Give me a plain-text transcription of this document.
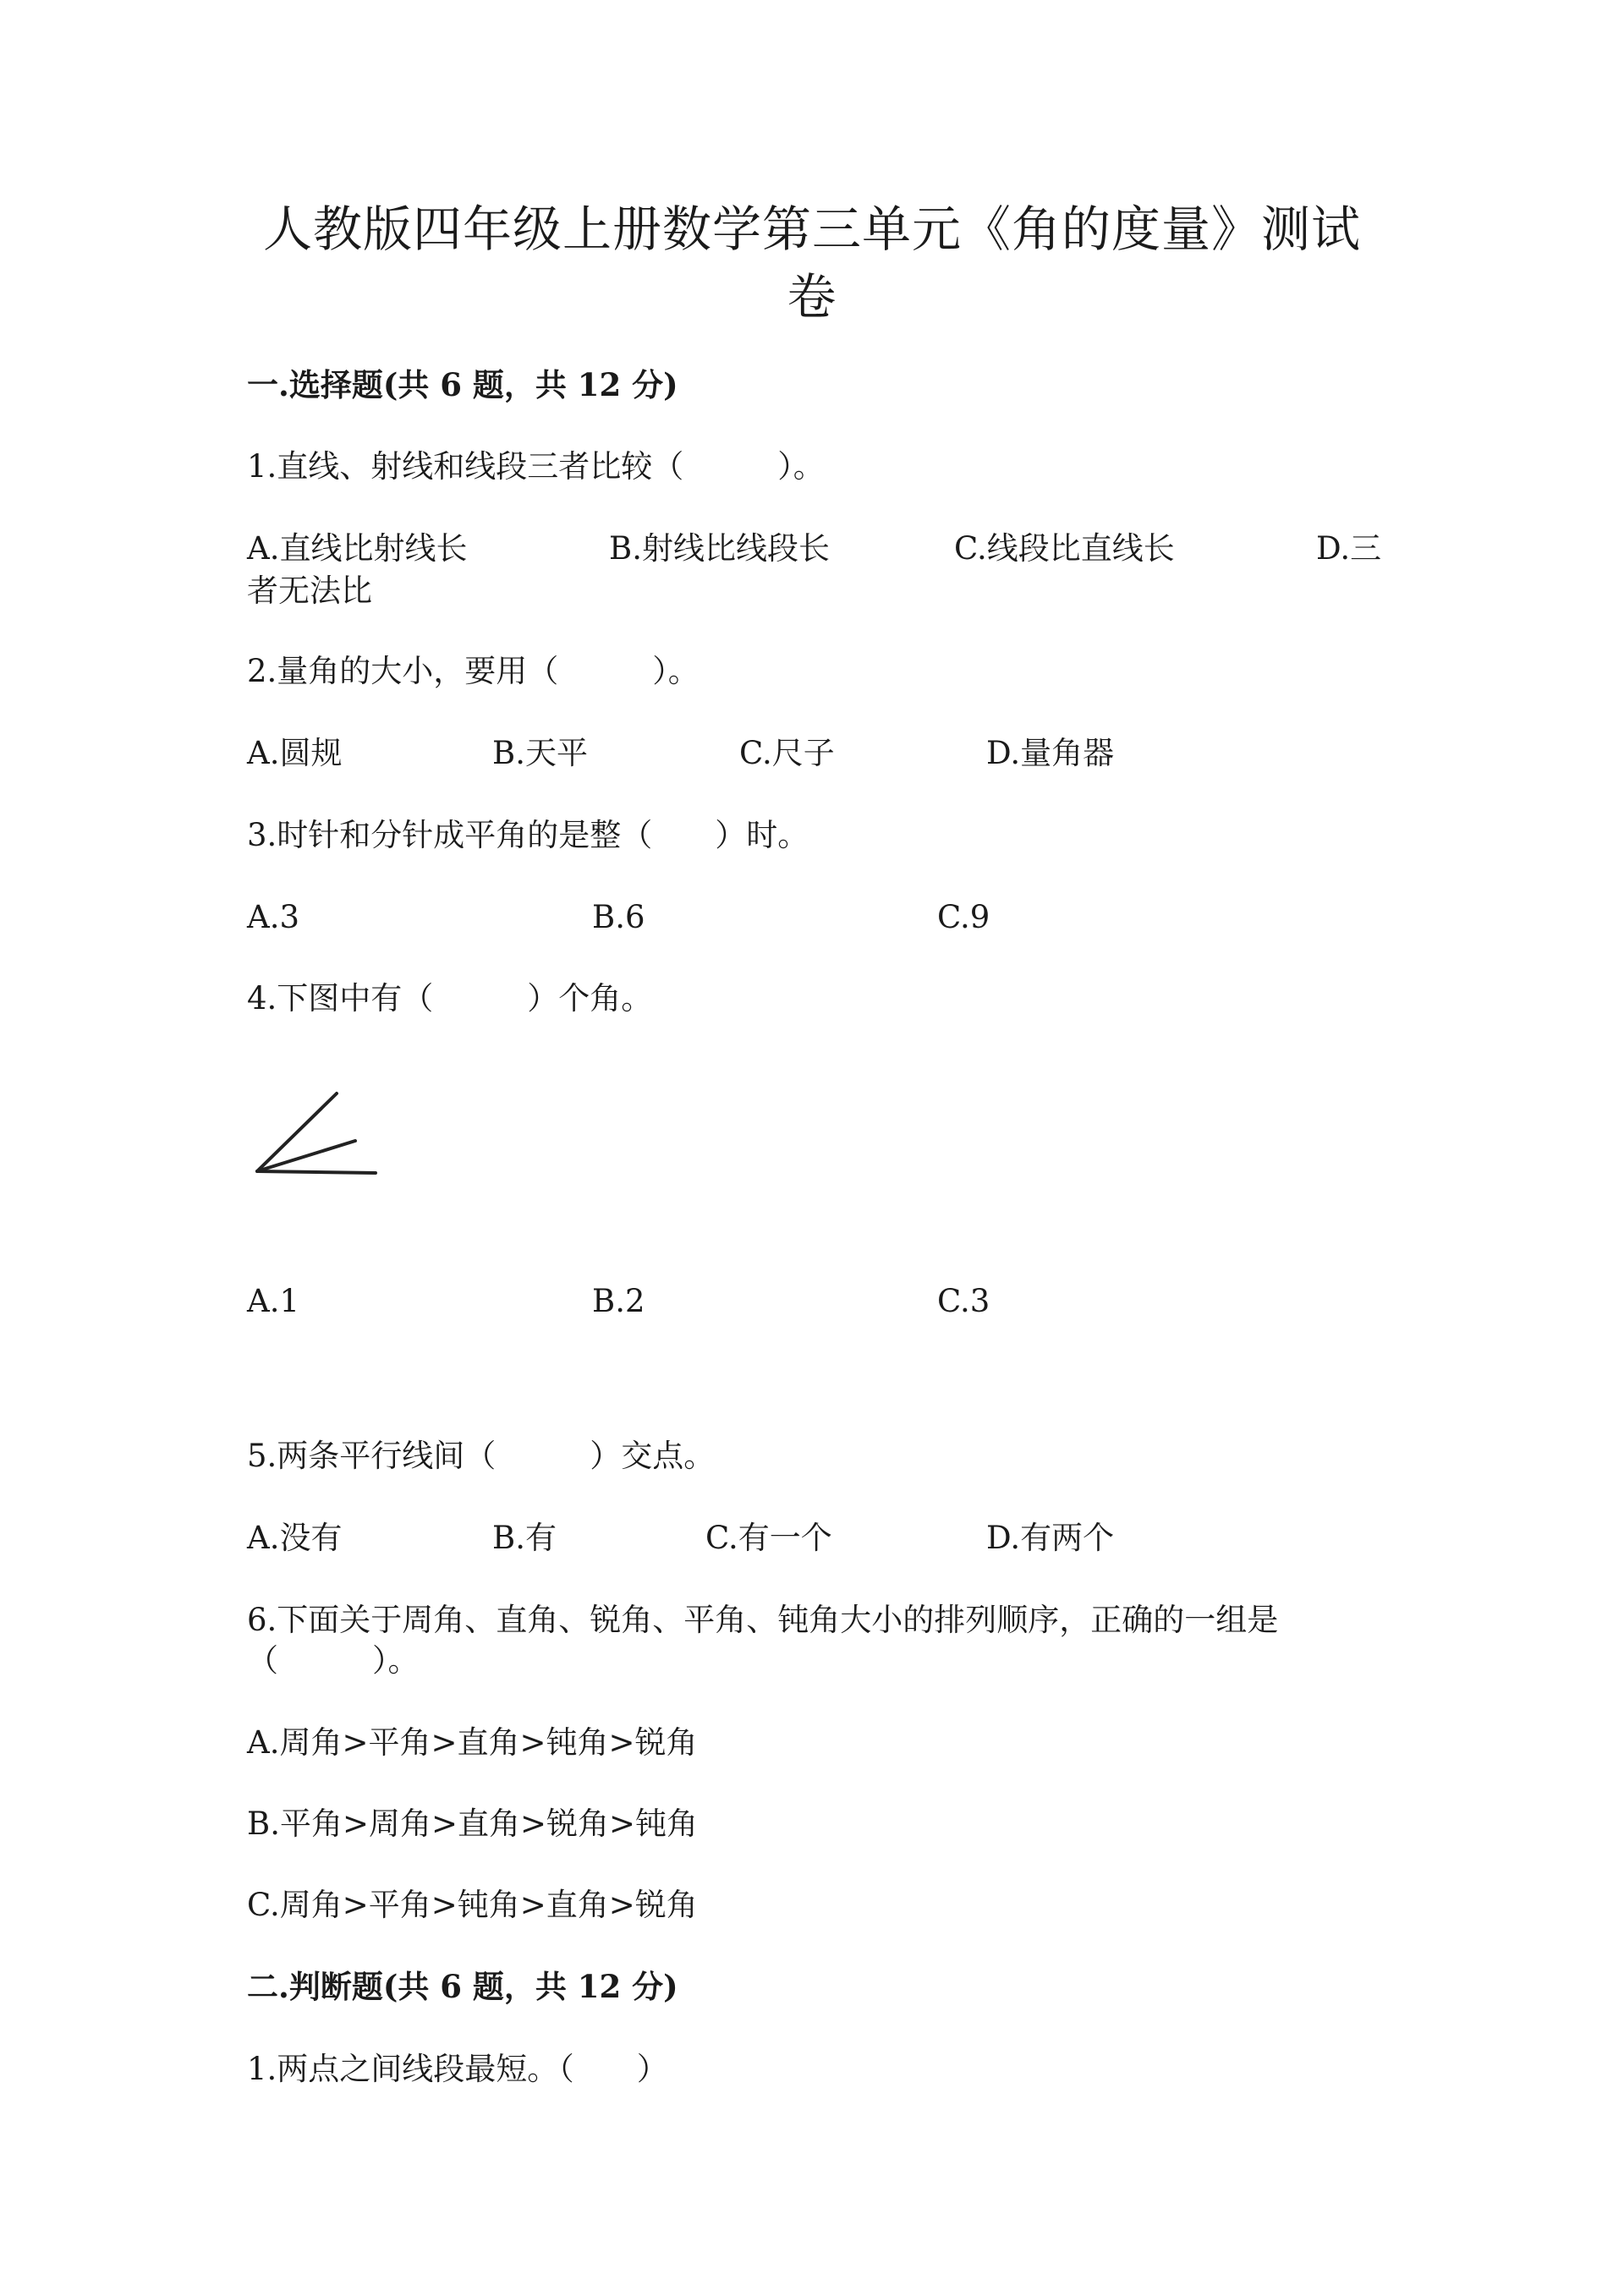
人教版四年级上册数学第三单元《角的度量》测试
卷
一.选择题(共 6 题，共 12 分)
1.直线、射线和线段三者比较（　　　）。
A.直线比射线长	B.射线比线段长	C.线段比直线长	D.三
者无法比
2.量角的大小，要用（　　　）。
A.圆规	B.天平	C.尺子	D.量角器
3.时针和分针成平角的是整（　　）时。
A.3	B.6	C.9
4.下图中有（　　　）个角。
A.1	B.2	C.3
5.两条平行线间（　　　）交点。
A.没有	B.有	C.有一个	D.有两个
6.下面关于周角、直角、锐角、平角、钝角大小的排列顺序，正确的一组是
（　　　）。
A.周角>平角>直角>钝角>锐角
B.平角>周角>直角>锐角>钝角
C.周角>平角>钝角>直角>锐角
二.判断题(共 6 题，共 12 分)
1.两点之间线段最短。（　　）
